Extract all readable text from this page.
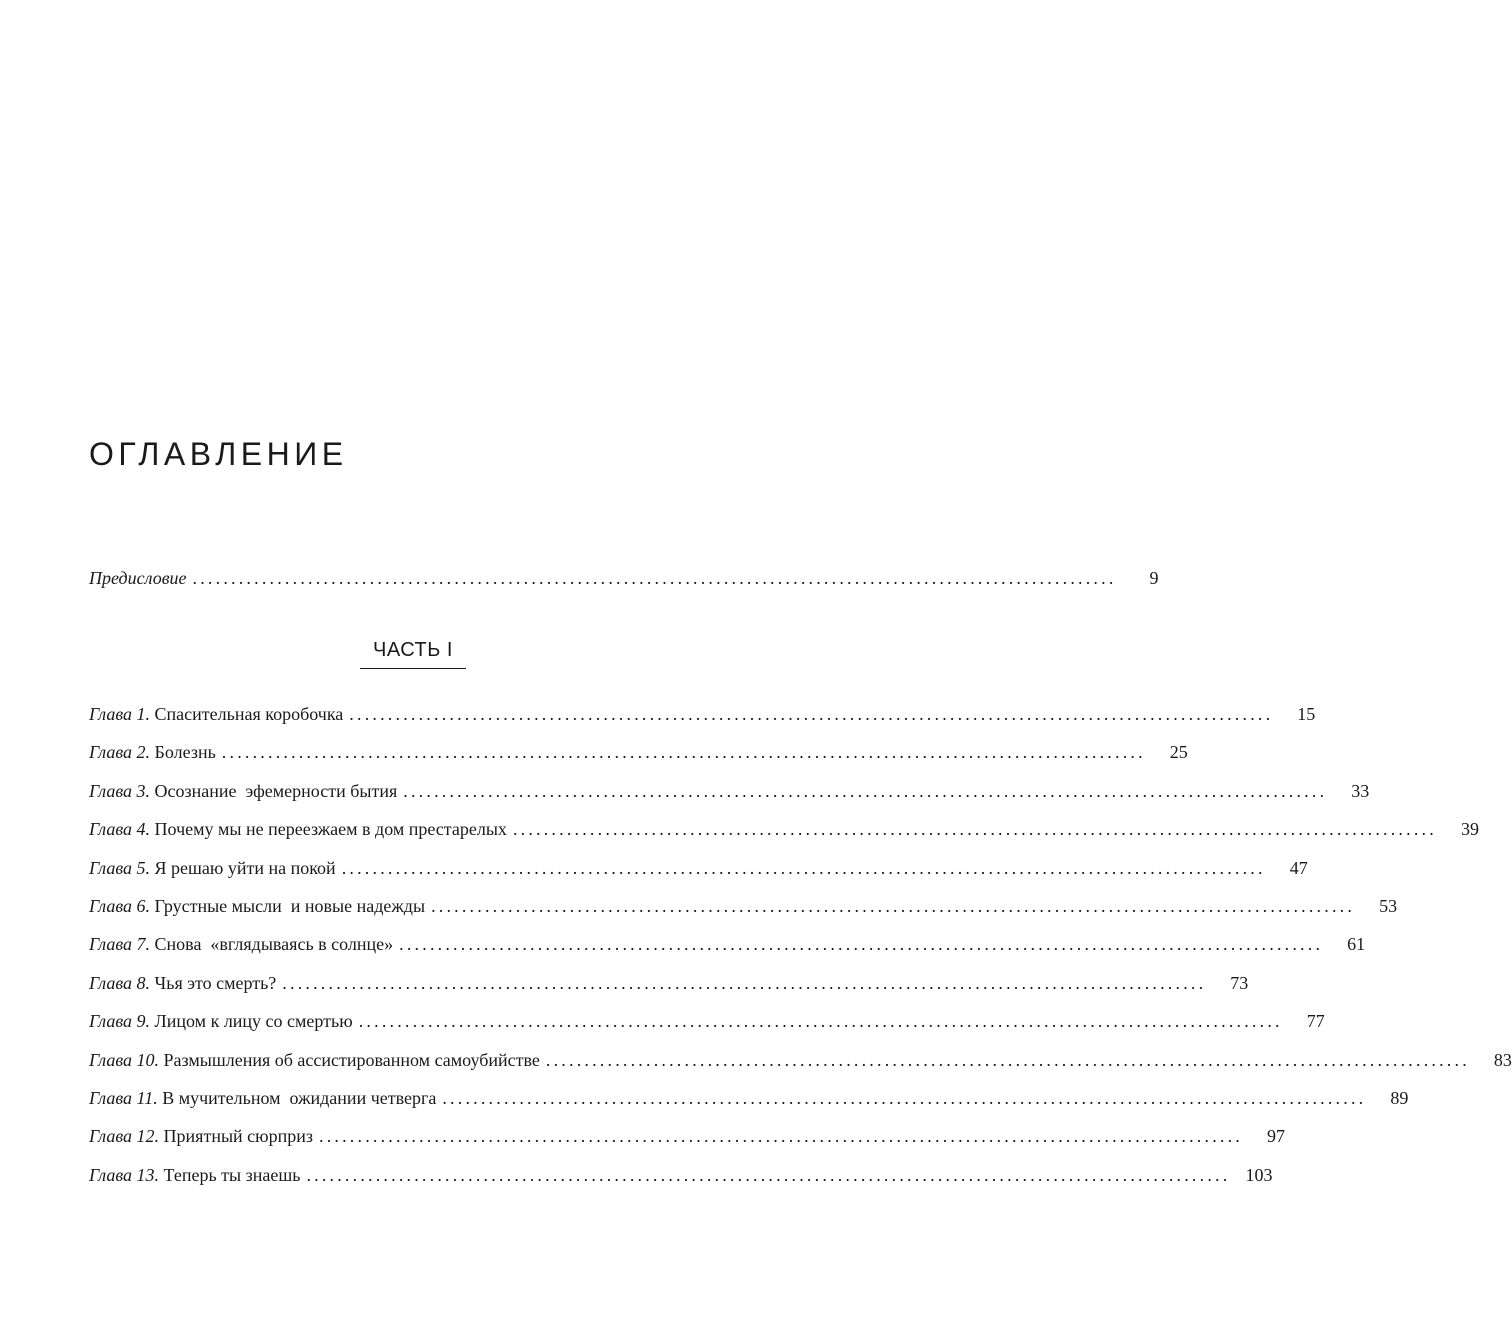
ОГЛАВЛЕНИЕ
Предисловие ........................................................................................................................	9
ЧАСТЬ I
Глава 1. Спасительная коробочка ........................................................................................................................	15
Глава 2. Болезнь ........................................................................................................................	25
Глава 3. Осознание  эфемерности бытия ........................................................................................................................	33
Глава 4. Почему мы не переезжаем в дом престарелых ........................................................................................................................	39
Глава 5. Я решаю уйти на покой ........................................................................................................................	47
Глава 6. Грустные мысли  и новые надежды ........................................................................................................................	53
Глава 7. Снова  «вглядываясь в солнце» ........................................................................................................................	61
Глава 8. Чья это смерть? ........................................................................................................................	73
Глава 9. Лицом к лицу со смертью ........................................................................................................................	77
Глава 10. Размышления об ассистированном самоубийстве ........................................................................................................................	83
Глава 11. В мучительном  ожидании четверга ........................................................................................................................	89
Глава 12. Приятный сюрприз ........................................................................................................................	97
Глава 13. Теперь ты знаешь ........................................................................................................................ 103
